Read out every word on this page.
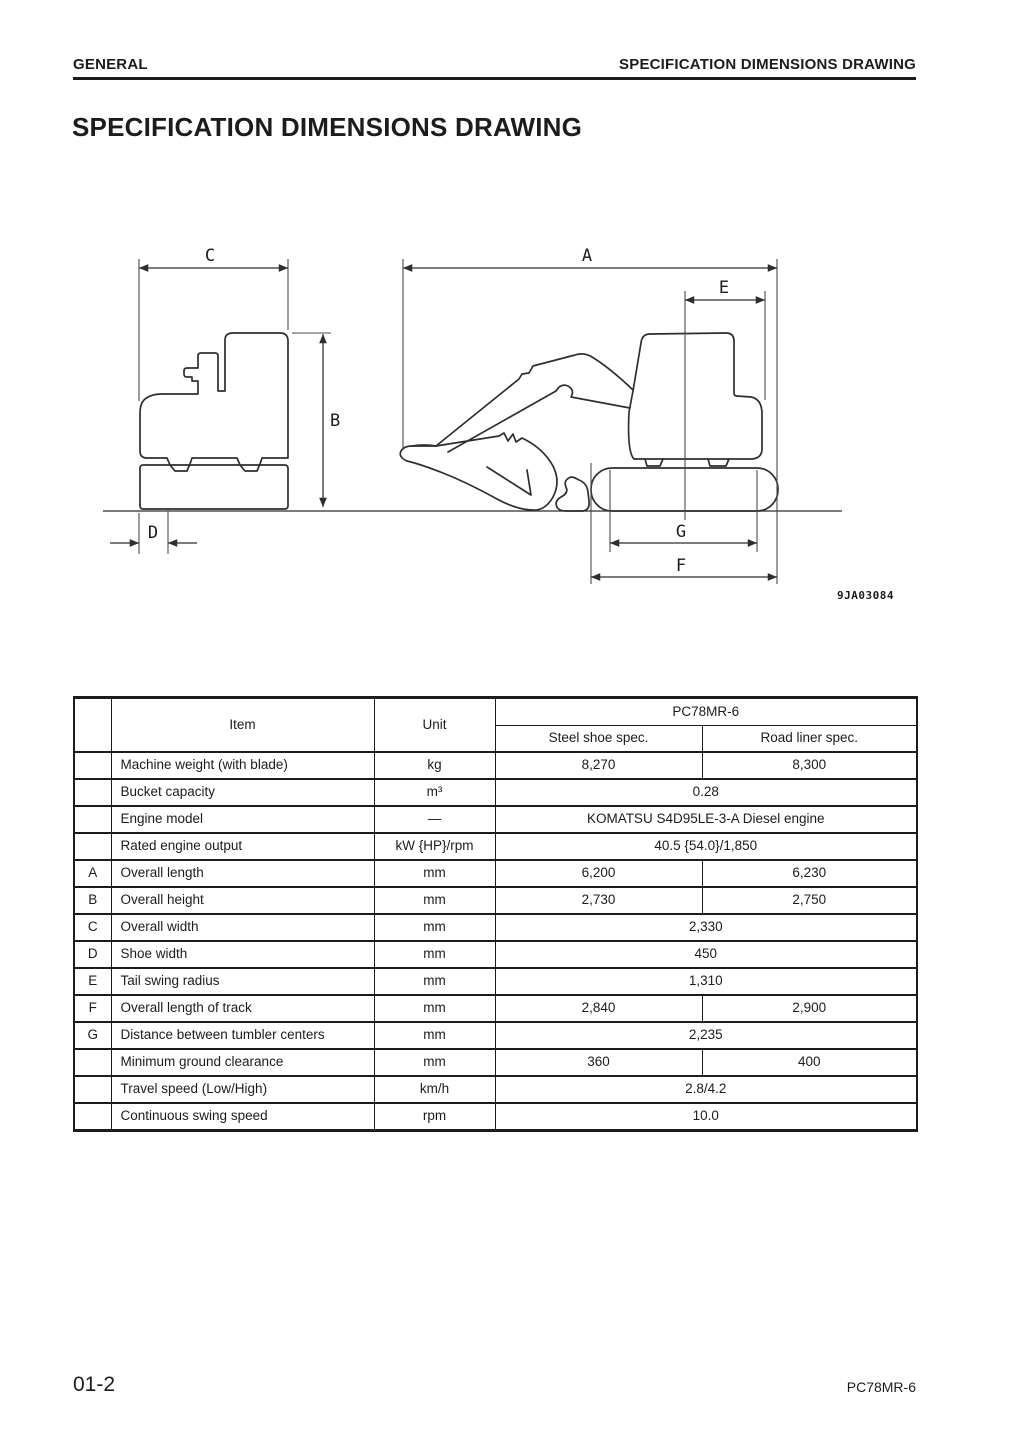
GENERAL	SPECIFICATION DIMENSIONS DRAWING
SPECIFICATION DIMENSIONS DRAWING
C
B
D
A
E
G
F
9JA03084
	Item	Unit	PC78MR-6	
			Steel shoe spec.	Road liner spec.
	Machine weight (with blade)	kg	8,270	8,300
	Bucket capacity	m³	0.28	
	Engine model	—	KOMATSU S4D95LE-3-A Diesel engine	
	Rated engine output	kW {HP}/rpm	40.5 {54.0}/1,850	
A	Overall length	mm	6,200	6,230
B	Overall height	mm	2,730	2,750
C	Overall width	mm	2,330	
D	Shoe width	mm	450	
E	Tail swing radius	mm	1,310	
F	Overall length of track	mm	2,840	2,900
G	Distance between tumbler centers	mm	2,235	
	Minimum ground clearance	mm	360	400
	Travel speed (Low/High)	km/h	2.8/4.2	
	Continuous swing speed	rpm	10.0	
01-2	PC78MR-6
